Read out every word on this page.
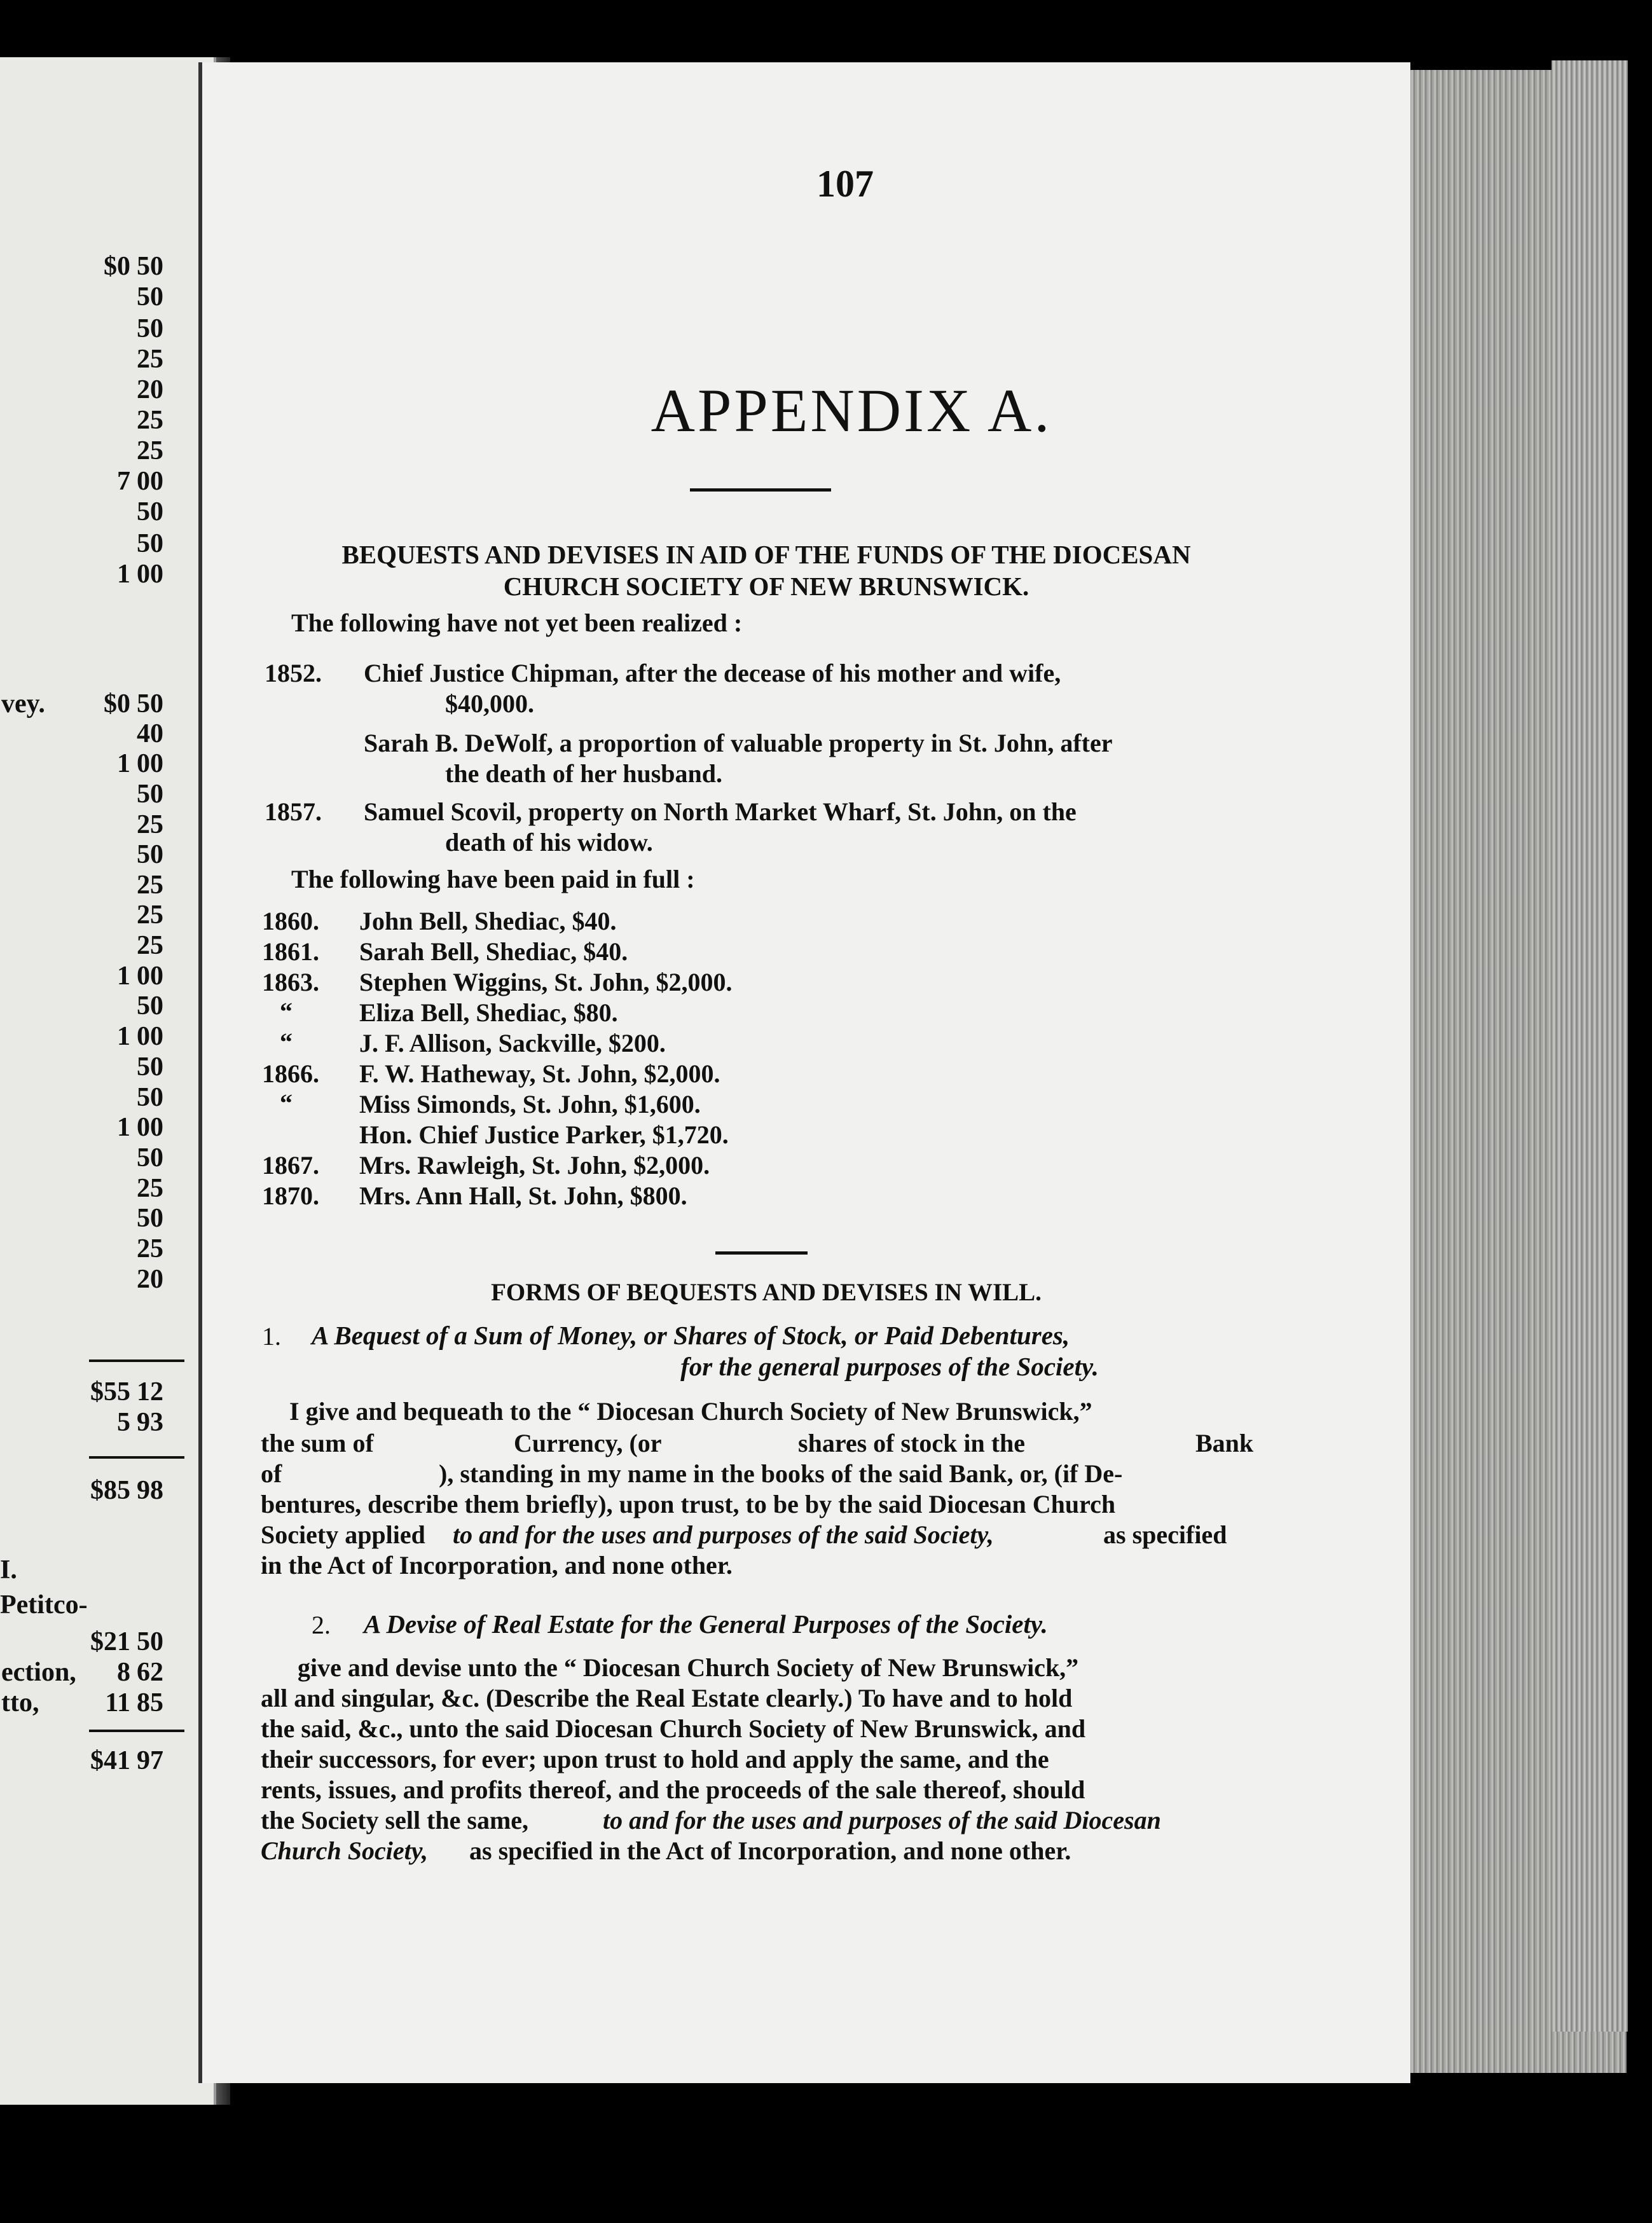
$0 50
50
50
25
20
25
25
7 00
50
50
1 00
vey.	$0 50
40
1 00
50
25
50
25
25
25
1 00
50
1 00
50
50
1 00
50
25
50
25
20
$55 12
5 93
$85 98
I.
Petitco-
$21 50
ection,	8 62
tto,	11 85
$41 97
107
APPENDIX A.
BEQUESTS AND DEVISES IN AID OF THE FUNDS OF THE DIOCESAN
CHURCH SOCIETY OF NEW BRUNSWICK.
The following have not yet been realized :
1852. Chief Justice Chipman, after the decease of his mother and wife,
$40,000.
Sarah B. DeWolf, a proportion of valuable property in St. John, after
the death of her husband.
1857. Samuel Scovil, property on North Market Wharf, St. John, on the
death of his widow.
The following have been paid in full :
1860. John Bell, Shediac, $40.
1861. Sarah Bell, Shediac, $40.
1863. Stephen Wiggins, St. John, $2,000.
“	Eliza Bell, Shediac, $80.
“	J. F. Allison, Sackville, $200.
1866. F. W. Hatheway, St. John, $2,000.
“	Miss Simonds, St. John, $1,600.
Hon. Chief Justice Parker, $1,720.
1867. Mrs. Rawleigh, St. John, $2,000.
1870. Mrs. Ann Hall, St. John, $800.
FORMS OF BEQUESTS AND DEVISES IN WILL.
1. A Bequest of a Sum of Money, or Shares of Stock, or Paid Debentures,
for the general purposes of the Society.
I give and bequeath to the “ Diocesan Church Society of New Brunswick,”
the sum of	Currency, (or	shares of stock in the	Bank
of	), standing in my name in the books of the said Bank, or, (if De-
bentures, describe them briefly), upon trust, to be by the said Diocesan Church
Society applied to and for the uses and purposes of the said Society,	as specified
in the Act of Incorporation, and none other.
2. A Devise of Real Estate for the General Purposes of the Society.
give and devise unto the “ Diocesan Church Society of New Brunswick,”
all and singular, &c. (Describe the Real Estate clearly.) To have and to hold
the said, &c., unto the said Diocesan Church Society of New Brunswick, and
their successors, for ever; upon trust to hold and apply the same, and the
rents, issues, and profits thereof, and the proceeds of the sale thereof, should
the Society sell the same,	to and for the uses and purposes of the said Diocesan
Church Society, as specified in the Act of Incorporation, and none other.
